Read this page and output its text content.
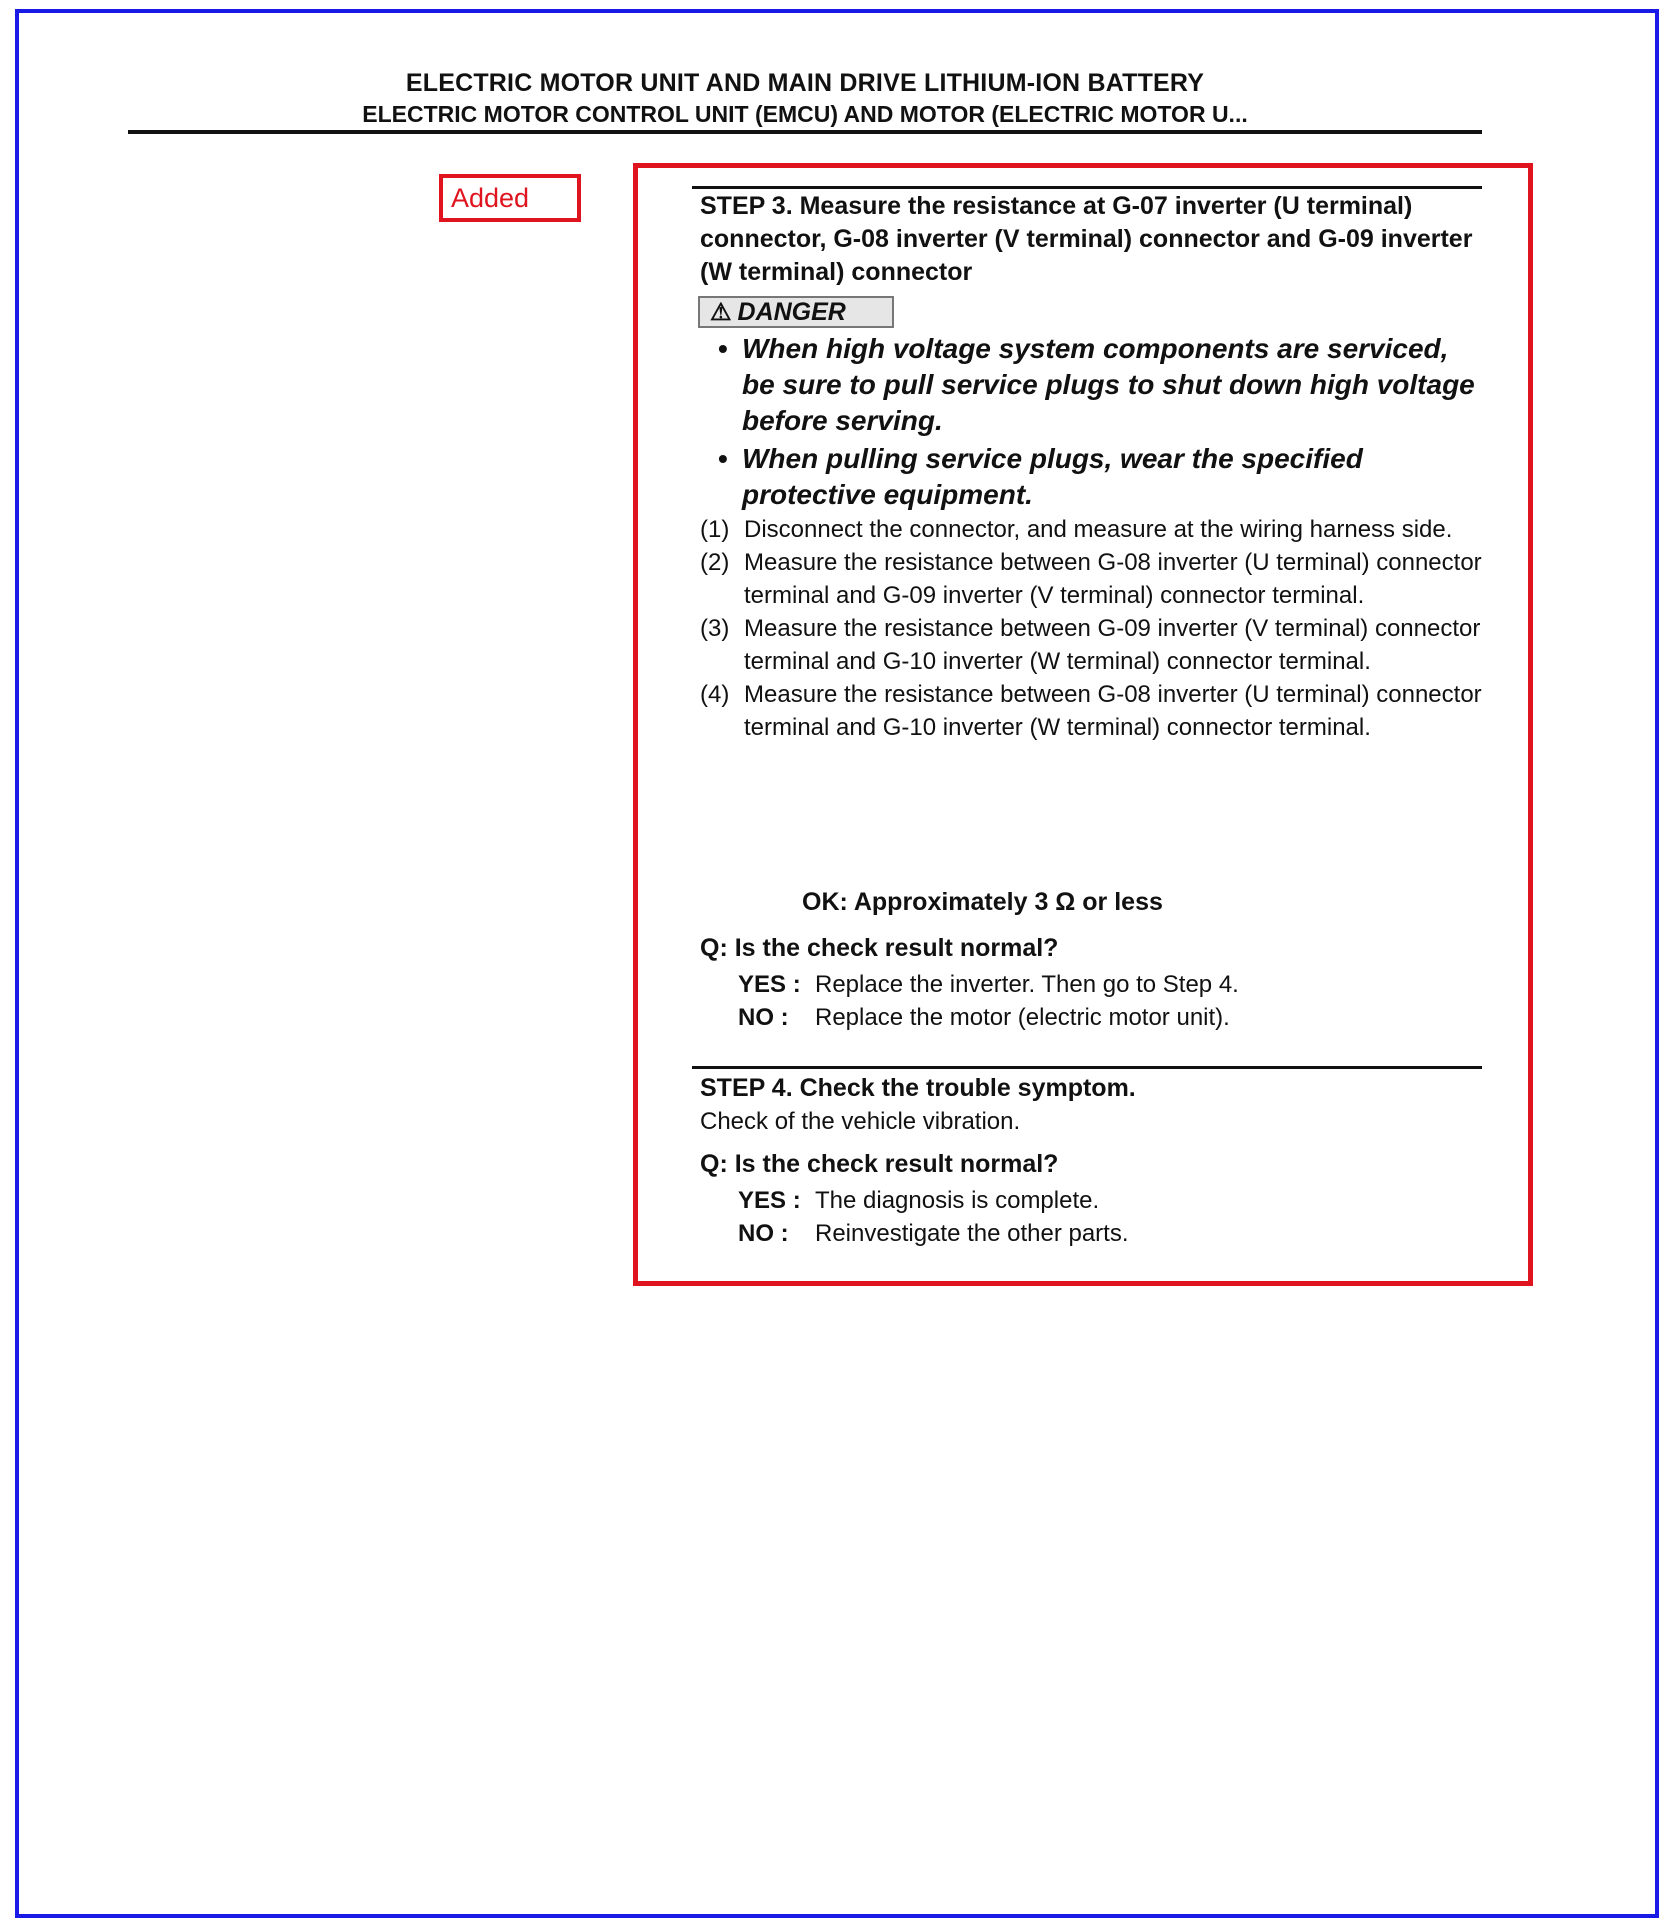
ELECTRIC MOTOR UNIT AND MAIN DRIVE LITHIUM-ION BATTERY
ELECTRIC MOTOR CONTROL UNIT (EMCU) AND MOTOR (ELECTRIC MOTOR U...
Added	STEP 3. Measure the resistance at G-07 inverter (U terminal) connector, G-08 inverter (V terminal) connector and G-09 inverter (W terminal) connector
⚠ DANGER
• When high voltage system components are serviced, be sure to pull service plugs to shut down high voltage before serving.
• When pulling service plugs, wear the specified protective equipment.
(1) Disconnect the connector, and measure at the wiring harness side.
(2) Measure the resistance between G-08 inverter (U terminal) connector terminal and G-09 inverter (V terminal) connector terminal.
(3) Measure the resistance between G-09 inverter (V terminal) connector terminal and G-10 inverter (W terminal) connector terminal.
(4) Measure the resistance between G-08 inverter (U terminal) connector terminal and G-10 inverter (W terminal) connector terminal.
OK: Approximately 3 Ω or less
Q: Is the check result normal?
YES : Replace the inverter. Then go to Step 4.
NO : Replace the motor (electric motor unit).
STEP 4. Check the trouble symptom.
Check of the vehicle vibration.
Q: Is the check result normal?
YES : The diagnosis is complete.
NO : Reinvestigate the other parts.
